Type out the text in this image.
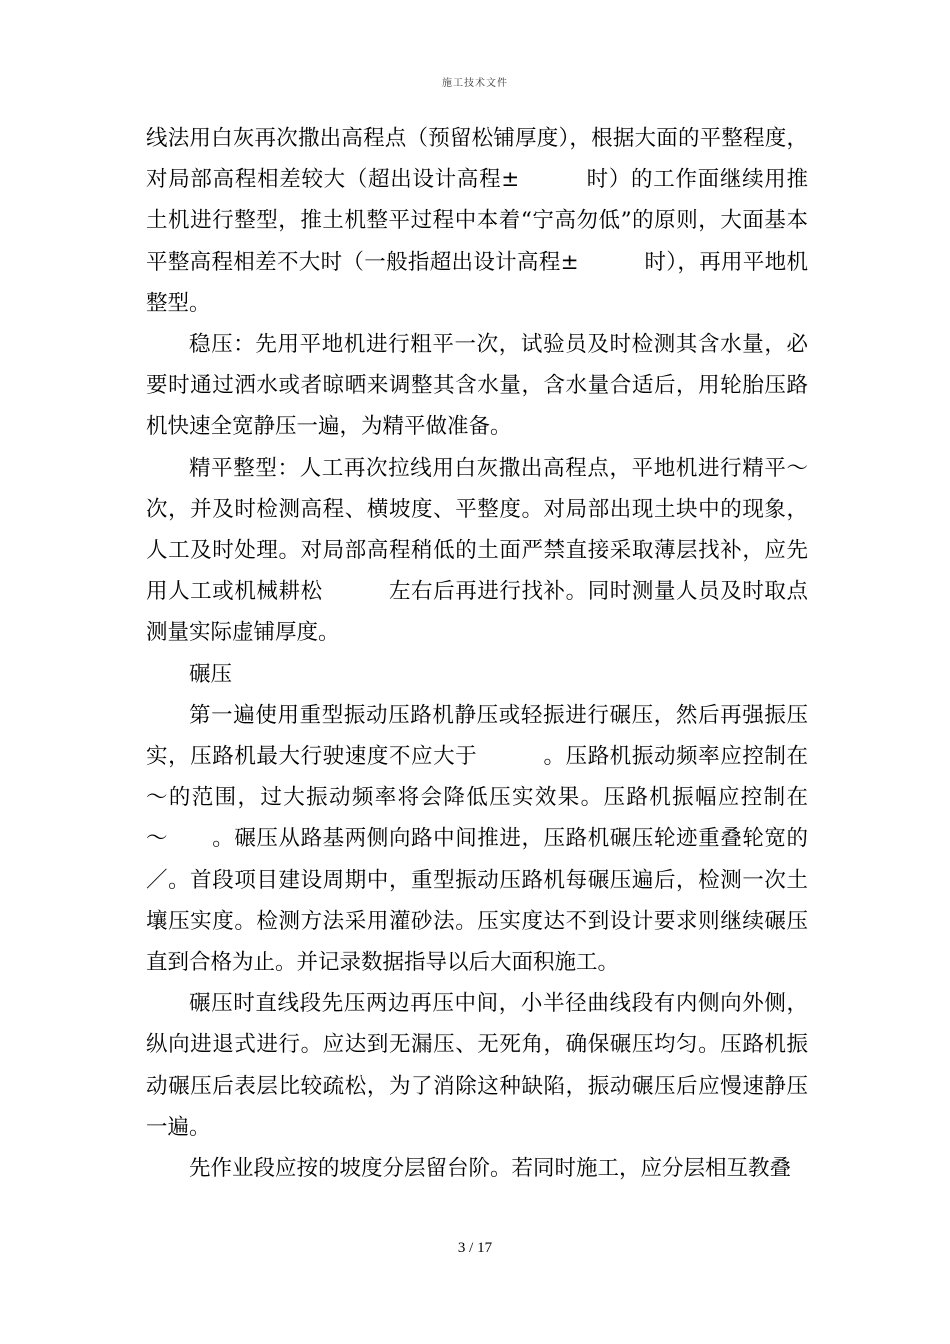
施工技术文件

线法用白灰再次撒出高程点（预留松铺厚度），根据大面的平整程度，对局部高程相差较大（超出设计高程±　　　时）的工作面继续用推土机进行整型，推土机整平过程中本着“宁高勿低”的原则，大面基本平整高程相差不大时（一般指超出设计高程±　　　时），再用平地机整型。

稳压：先用平地机进行粗平一次，试验员及时检测其含水量，必要时通过洒水或者晾晒来调整其含水量，含水量合适后，用轮胎压路机快速全宽静压一遍，为精平做准备。

精平整型：人工再次拉线用白灰撒出高程点，平地机进行精平～次，并及时检测高程、横坡度、平整度。对局部出现土块中的现象，人工及时处理。对局部高程稍低的土面严禁直接采取薄层找补，应先用人工或机械耕松　　　左右后再进行找补。同时测量人员及时取点测量实际虚铺厚度。

碾压

第一遍使用重型振动压路机静压或轻振进行碾压，然后再强振压实，压路机最大行驶速度不应大于　　　。压路机振动频率应控制在～的范围，过大振动频率将会降低压实效果。压路机振幅应控制在～　　。碾压从路基两侧向路中间推进，压路机碾压轮迹重叠轮宽的／。首段项目建设周期中，重型振动压路机每碾压遍后，检测一次土壤压实度。检测方法采用灌砂法。压实度达不到设计要求则继续碾压直到合格为止。并记录数据指导以后大面积施工。

碾压时直线段先压两边再压中间，小半径曲线段有内侧向外侧，纵向进退式进行。应达到无漏压、无死角，确保碾压均匀。压路机振动碾压后表层比较疏松，为了消除这种缺陷，振动碾压后应慢速静压一遍。

先作业段应按的坡度分层留台阶。若同时施工，应分层相互教叠

3 / 17
